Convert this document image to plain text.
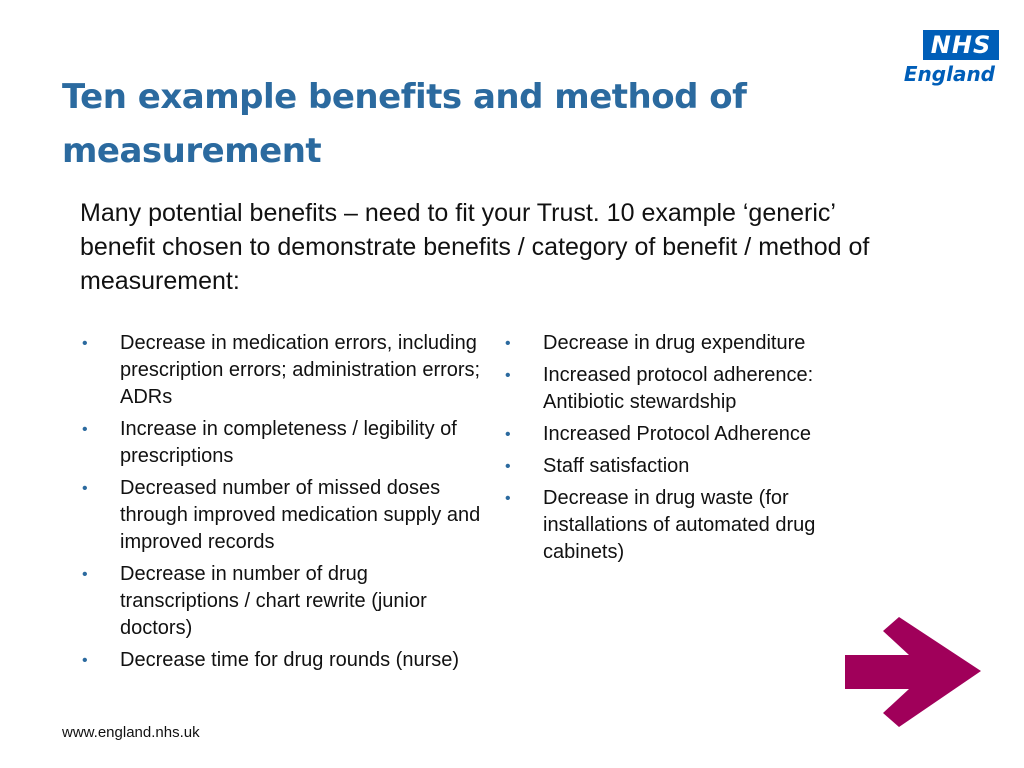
NHS
England
Ten example benefits and method of measurement

Many potential benefits – need to fit your Trust. 10 example ‘generic’ benefit chosen to demonstrate benefits / category of benefit / method of measurement:

• Decrease in medication errors, including prescription errors; administration errors; ADRs
• Increase in completeness / legibility of prescriptions
• Decreased number of missed doses through improved medication supply and improved records
• Decrease in number of drug transcriptions / chart rewrite (junior doctors)
• Decrease time for drug rounds (nurse)
• Decrease in drug expenditure
• Increased protocol adherence: Antibiotic stewardship
• Increased Protocol Adherence
• Staff satisfaction
• Decrease in drug waste (for installations of automated drug cabinets)
www.england.nhs.uk
